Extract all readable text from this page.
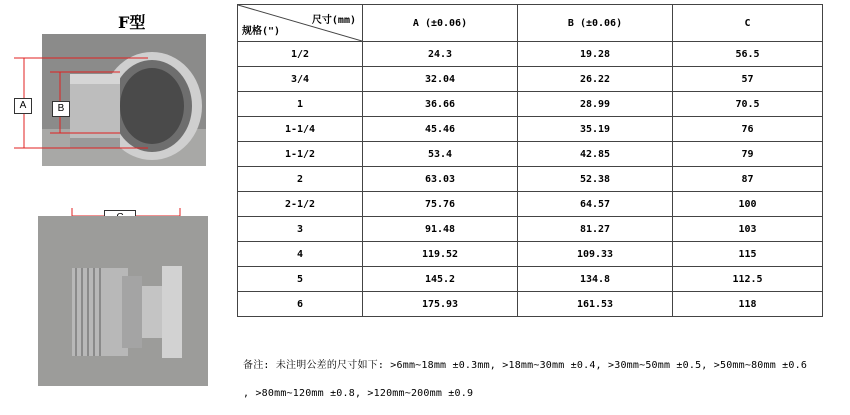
F型
A	B
尺寸(mm)
规格(")	A (±0.06)	B (±0.06)	C
1/2	24.3	19.28	56.5
3/4	32.04	26.22	57
1	36.66	28.99	70.5
1-1/4	45.46	35.19	76
1-1/2	53.4	42.85	79
2	63.03	52.38	87
2-1/2	75.76	64.57	100
3	91.48	81.27	103
4	119.52	109.33	115
5	145.2	134.8	112.5
6	175.93	161.53	118
备注: 未注明公差的尺寸如下: >6mm~18mm ±0.3mm, >18mm~30mm ±0.4, >30mm~50mm ±0.5, >50mm~80mm ±0.6
, >80mm~120mm ±0.8, >120mm~200mm ±0.9
